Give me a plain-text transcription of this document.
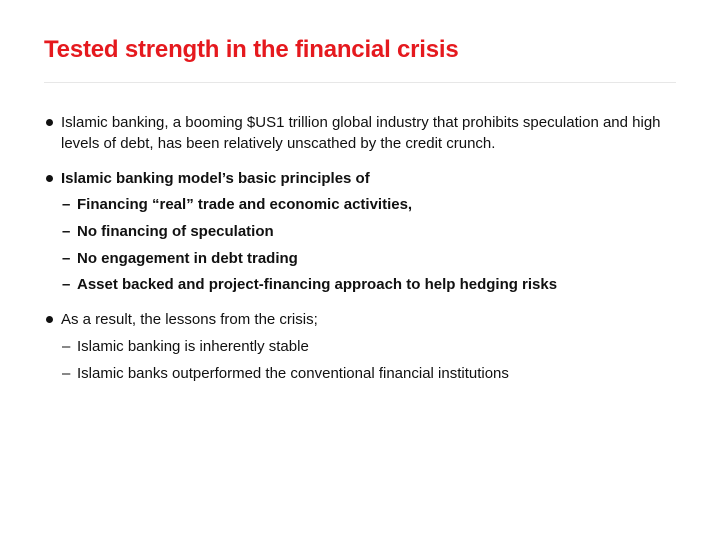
Tested strength in the financial crisis
Islamic banking, a booming $US1 trillion global industry that prohibits speculation and high levels of debt, has been relatively unscathed by the credit crunch.
Islamic banking model’s basic principles of
– Financing “real” trade and economic activities,
– No financing of speculation
– No engagement in debt trading
– Asset backed and project-financing approach to help hedging risks
As a result, the lessons from the crisis;
– Islamic banking is inherently stable
– Islamic banks outperformed the conventional financial institutions
